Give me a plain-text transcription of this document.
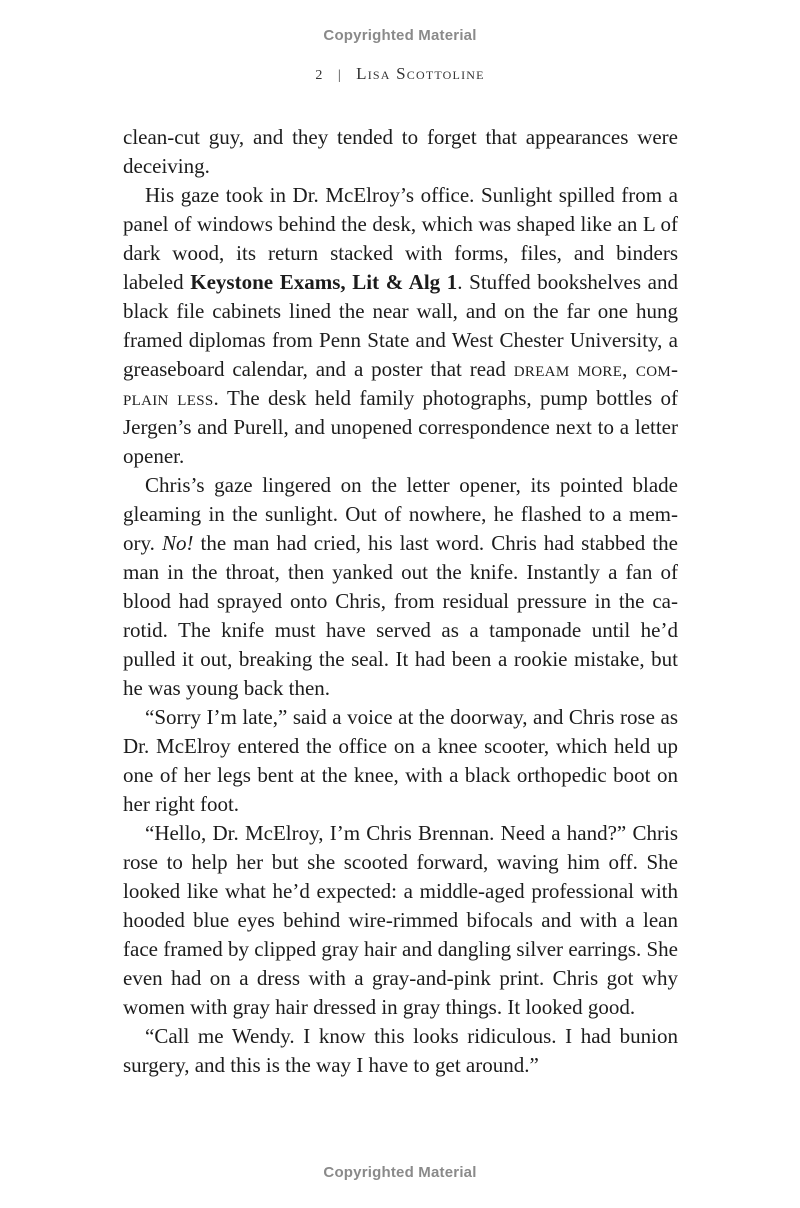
Copyrighted Material
2 | Lisa Scottoline

clean-cut guy, and they tended to forget that appearances were deceiving.

His gaze took in Dr. McElroy’s office. Sunlight spilled from a panel of windows behind the desk, which was shaped like an L of dark wood, its return stacked with forms, files, and binders labeled Keystone Exams, Lit & Alg 1. Stuffed bookshelves and black file cabinets lined the near wall, and on the far one hung framed diplomas from Penn State and West Chester University, a greaseboard calendar, and a poster that read dream more, complain less. The desk held family photographs, pump bottles of Jergen’s and Purell, and unopened correspondence next to a letter opener.

Chris’s gaze lingered on the letter opener, its pointed blade gleaming in the sunlight. Out of nowhere, he flashed to a memory. No! the man had cried, his last word. Chris had stabbed the man in the throat, then yanked out the knife. Instantly a fan of blood had sprayed onto Chris, from residual pressure in the carotid. The knife must have served as a tamponade until he’d pulled it out, breaking the seal. It had been a rookie mistake, but he was young back then.

“Sorry I’m late,” said a voice at the doorway, and Chris rose as Dr. McElroy entered the office on a knee scooter, which held up one of her legs bent at the knee, with a black orthopedic boot on her right foot.

“Hello, Dr. McElroy, I’m Chris Brennan. Need a hand?” Chris rose to help her but she scooted forward, waving him off. She looked like what he’d expected: a middle-aged professional with hooded blue eyes behind wire-rimmed bifocals and with a lean face framed by clipped gray hair and dangling silver earrings. She even had on a dress with a gray-and-pink print. Chris got why women with gray hair dressed in gray things. It looked good.

“Call me Wendy. I know this looks ridiculous. I had bunion surgery, and this is the way I have to get around.”

Copyrighted Material
